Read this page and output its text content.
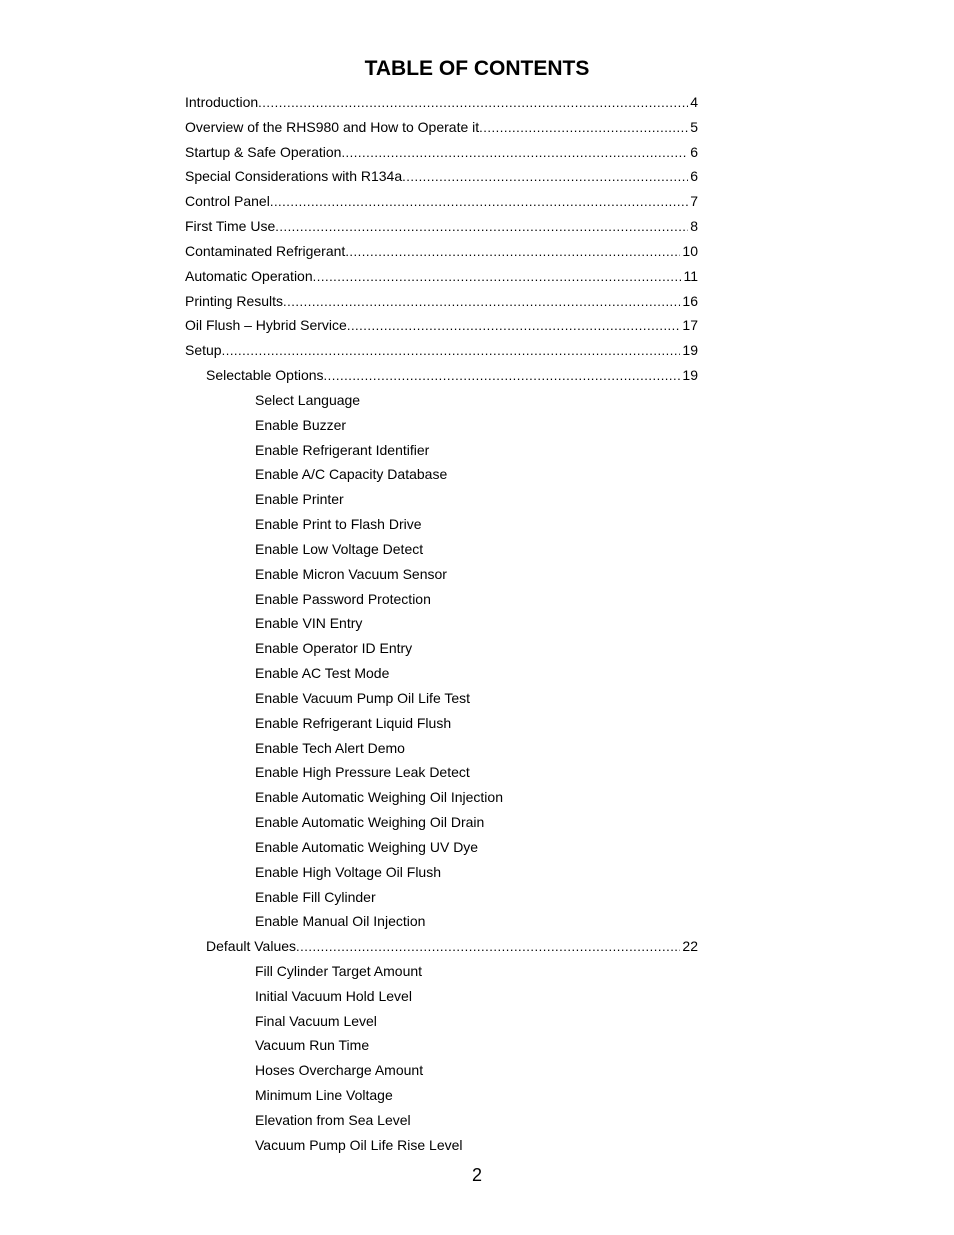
TABLE OF CONTENTS
Introduction .....	4
Overview of the RHS980 and How to Operate it .....	5
Startup & Safe Operation .....	6
Special Considerations with R134a .....	6
Control Panel .....	7
First Time Use .....	8
Contaminated Refrigerant .....	10
Automatic Operation .....	11
Printing Results .....	16
Oil Flush – Hybrid Service .....	17
Setup .....	19
Selectable Options .....	19
Select Language
Enable Buzzer
Enable Refrigerant Identifier
Enable A/C Capacity Database
Enable Printer
Enable Print to Flash Drive
Enable Low Voltage Detect
Enable Micron Vacuum Sensor
Enable Password Protection
Enable VIN Entry
Enable Operator ID Entry
Enable AC Test Mode
Enable Vacuum Pump Oil Life Test
Enable Refrigerant Liquid Flush
Enable Tech Alert Demo
Enable High Pressure Leak Detect
Enable Automatic Weighing Oil Injection
Enable Automatic Weighing Oil Drain
Enable Automatic Weighing UV Dye
Enable High Voltage Oil Flush
Enable Fill Cylinder
Enable Manual Oil Injection
Default Values .....	22
Fill Cylinder Target Amount
Initial Vacuum Hold Level
Final Vacuum Level
Vacuum Run Time
Hoses Overcharge Amount
Minimum Line Voltage
Elevation from Sea Level
Vacuum Pump Oil Life Rise Level
2
